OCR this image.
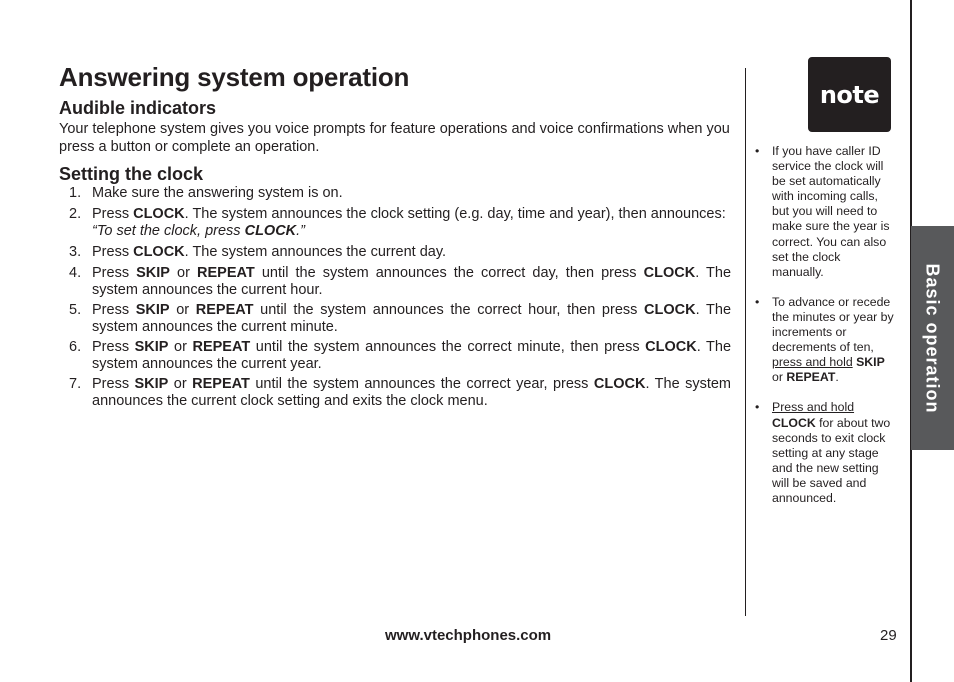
Answering system operation
Audible indicators

Your telephone system gives you voice prompts for feature operations and voice confirmations when you press a button or complete an operation.

Setting the clock
1. Make sure the answering system is on.
2. Press CLOCK. The system announces the clock setting (e.g. day, time and year), then announces:
“To set the clock, press CLOCK.”
3. Press CLOCK. The system announces the current day.
4. Press SKIP or REPEAT until the system announces the correct day, then press CLOCK. The system announces the current hour.
5. Press SKIP or REPEAT until the system announces the correct hour, then press CLOCK. The system announces the current minute.
6. Press SKIP or REPEAT until the system announces the correct minute, then press CLOCK. The system announces the current year.
7. Press SKIP or REPEAT until the system announces the correct year, press CLOCK. The system announces the current clock setting and exits the clock menu.
note
• If you have caller ID service the clock will be set automatically with incoming calls, but you will need to make sure the year is correct. You can also set the clock manually.
• To advance or recede the minutes or year by increments or decrements of ten, press and hold SKIP or REPEAT.
• Press and hold CLOCK for about two seconds to exit clock setting at any stage and the new setting will be saved and announced.
Basic operation
www.vtechphones.com	29
